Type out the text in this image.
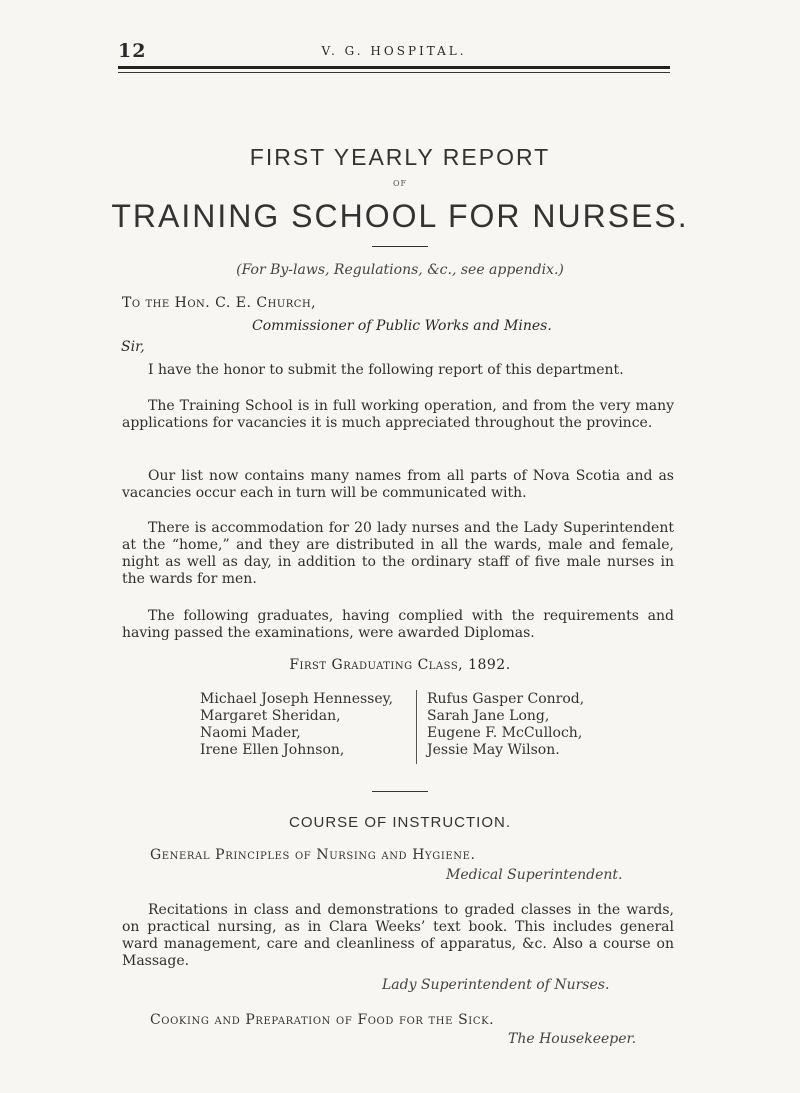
12	V. G. HOSPITAL.
FIRST YEARLY REPORT
OF
TRAINING SCHOOL FOR NURSES.
(For By-laws, Regulations, &c., see appendix.)
To the Hon. C. E. Church,
Commissioner of Public Works and Mines.
Sir,
I have the honor to submit the following report of this department.
The Training School is in full working operation, and from the very many applications for vacancies it is much appreciated throughout the province.
Our list now contains many names from all parts of Nova Scotia and as vacancies occur each in turn will be communicated with.
There is accommodation for 20 lady nurses and the Lady Superintendent at the “home,” and they are distributed in all the wards, male and female, night as well as day, in addition to the ordinary staff of five male nurses in the wards for men.
The following graduates, having complied with the requirements and having passed the examinations, were awarded Diplomas.
First Graduating Class, 1892.
Michael Joseph Hennessey,
Margaret Sheridan,
Naomi Mader,
Irene Ellen Johnson,
Rufus Gasper Conrod,
Sarah Jane Long,
Eugene F. McCulloch,
Jessie May Wilson.
COURSE OF INSTRUCTION.
General Principles of Nursing and Hygiene.
Medical Superintendent.
Recitations in class and demonstrations to graded classes in the wards, on practical nursing, as in Clara Weeks’ text book. This includes general ward management, care and cleanliness of apparatus, &c. Also a course on Massage.
Lady Superintendent of Nurses.
Cooking and Preparation of Food for the Sick.
The Housekeeper.
